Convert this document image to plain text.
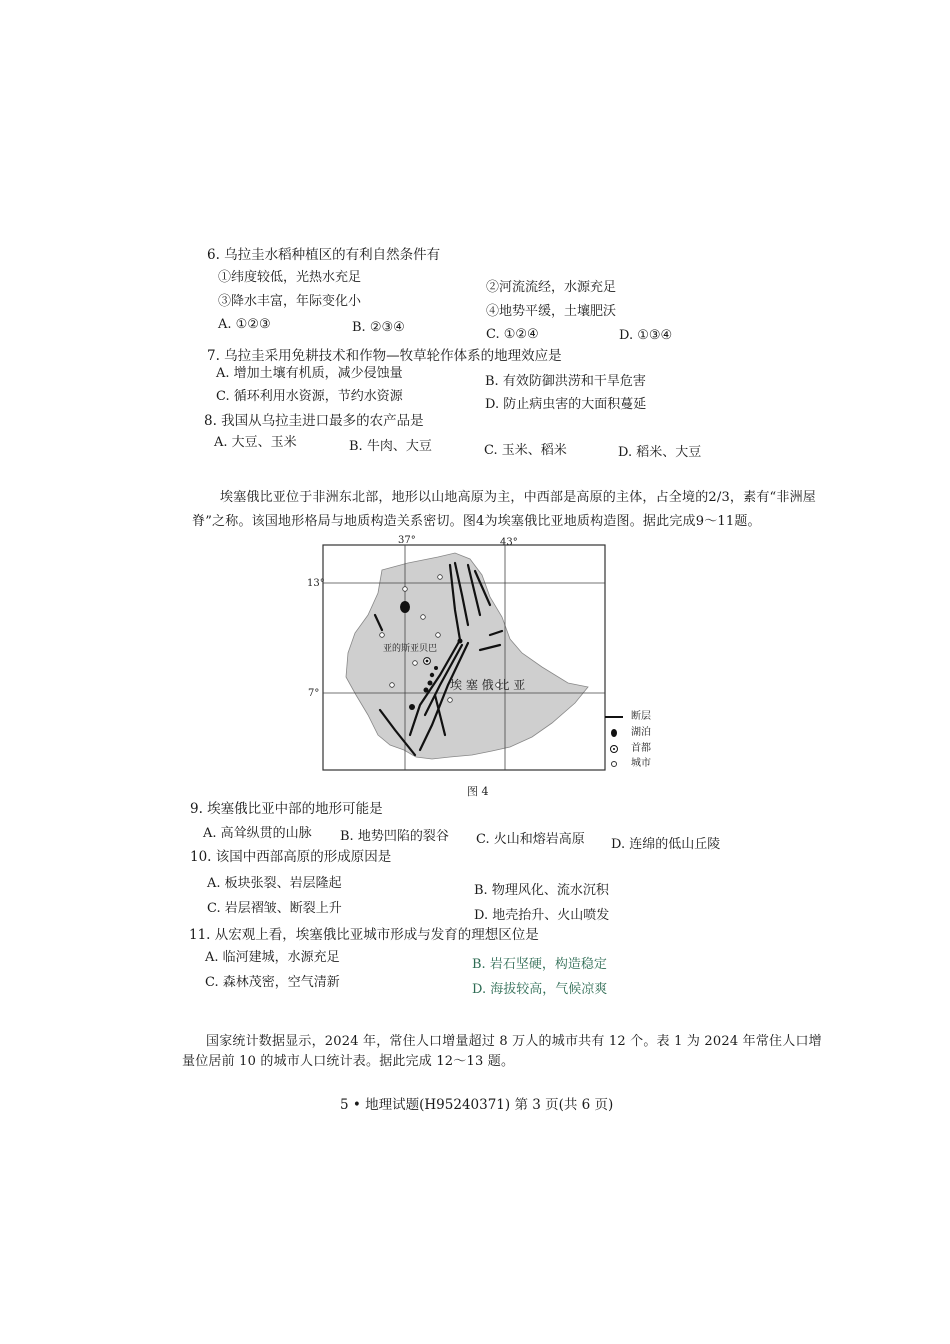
6. 乌拉圭水稻种植区的有利自然条件有
①纬度较低，光热水充足
②河流流经，水源充足
③降水丰富，年际变化小
④地势平缓，土壤肥沃
A. ①②③	B. ②③④	C. ①②④	D. ①③④
7. 乌拉圭采用免耕技术和作物—牧草轮作体系的地理效应是
A. 增加土壤有机质，减少侵蚀量
B. 有效防御洪涝和干旱危害
C. 循环利用水资源，节约水资源
D. 防止病虫害的大面积蔓延
8. 我国从乌拉圭进口最多的农产品是
A. 大豆、玉米	B. 牛肉、大豆	C. 玉米、稻米	D. 稻米、大豆
埃塞俄比亚位于非洲东北部，地形以山地高原为主，中西部是高原的主体，占全境的2/3，素有“非洲屋
脊”之称。该国地形格局与地质构造关系密切。图4为埃塞俄比亚地质构造图。据此完成9～11题。
37°	43°
13°
7°
亚的斯亚贝巴
埃 塞 俄 比 亚
断层
湖泊
首都
城市
图 4
9. 埃塞俄比亚中部的地形可能是
A. 高耸纵贯的山脉 B. 地势凹陷的裂谷 C. 火山和熔岩高原 D. 连绵的低山丘陵
10. 该国中西部高原的形成原因是
A. 板块张裂、岩层隆起	B. 物理风化、流水沉积
C. 岩层褶皱、断裂上升	D. 地壳抬升、火山喷发
11. 从宏观上看，埃塞俄比亚城市形成与发育的理想区位是
A. 临河建城，水源充足	B. 岩石坚硬，构造稳定
C. 森林茂密，空气清新	D. 海拔较高，气候凉爽
国家统计数据显示，2024 年，常住人口增量超过 8 万人的城市共有 12 个。表 1 为 2024 年常住人口增
量位居前 10 的城市人口统计表。据此完成 12～13 题。
5 • 地理试题(H95240371) 第 3 页(共 6 页)
